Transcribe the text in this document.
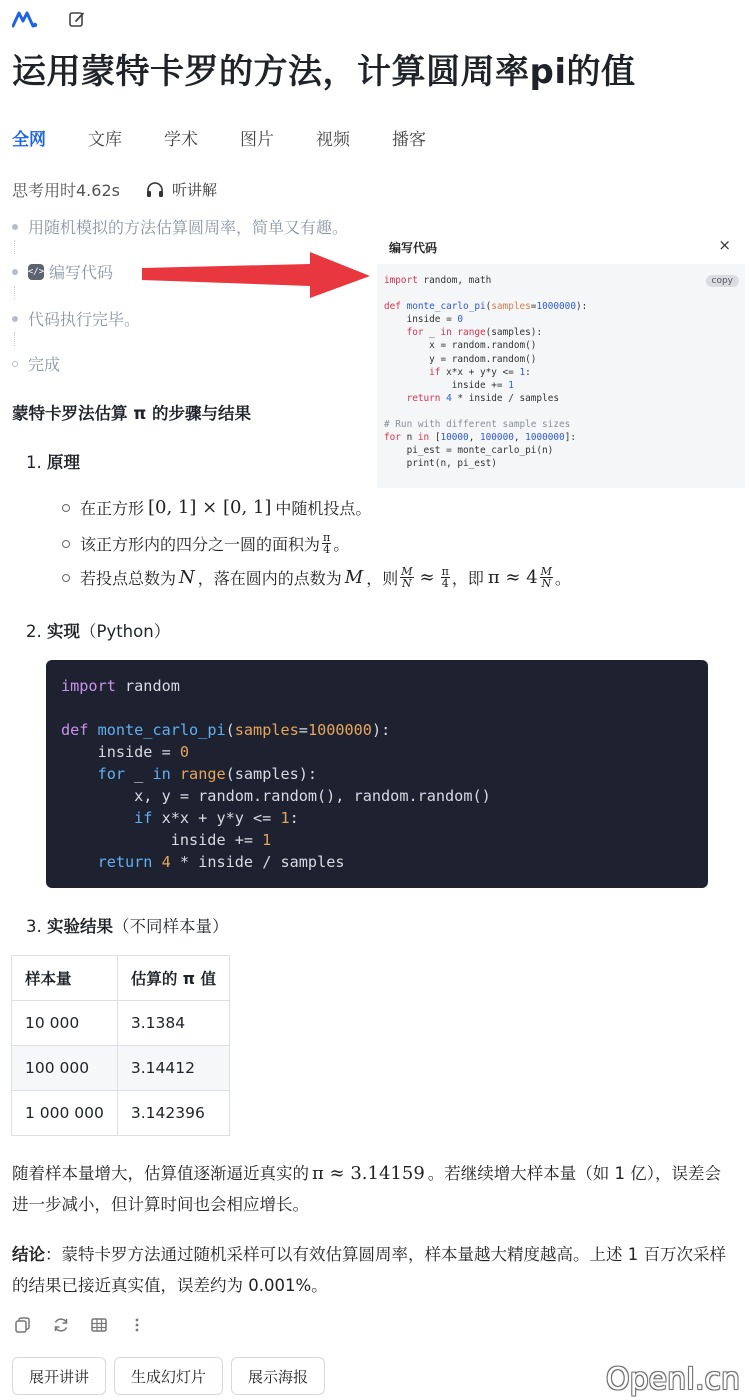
运用蒙特卡罗的方法，计算圆周率pi的值
全网 文库 学术 图片 视频 播客
思考用时4.62s	听讲解
用随机模拟的方法估算圆周率，简单又有趣。
</> 编写代码
代码执行完毕。
完成
编写代码	×
copy
import random, math

def monte_carlo_pi(samples=1000000):
inside = 0
for _ in range(samples):
x = random.random()
y = random.random()
if x*x + y*y <= 1:
inside += 1
return 4 * inside / samples

# Run with different sample sizes
for n in [10000, 100000, 1000000]:
pi_est = monte_carlo_pi(n)
print(n, pi_est)
蒙特卡罗法估算 π 的步骤与结果
1. 原理
在正方形 [0, 1] × [0, 1] 中随机投点。
该正方形内的四分之一圆的面积为 $\frac{\pi}{4}$ 。
若投点总数为 N ，落在圆内的点数为 M ，则 $\frac{M}{N} \approx \frac{\pi}{4}$ ，即 $\pi \approx 4 \frac{M}{N}$ 。
2. 实现（Python）
import random

def monte_carlo_pi(samples=1000000):
inside = 0
for _ in range(samples):
x, y = random.random(), random.random()
if x*x + y*y <= 1:
inside += 1
return 4 * inside / samples
3. 实验结果（不同样本量）
样本量	估算的 π 值
10 000	3.1384
100 000	3.14412
1 000 000	3.142396
随着样本量增大，估算值逐渐逼近真实的 π ≈ 3.14159 。若继续增大样本量（如 1 亿），误差会进一步减小，但计算时间也会相应增长。
结论：蒙特卡罗方法通过随机采样可以有效估算圆周率，样本量越大精度越高。上述 1 百万次采样的结果已接近真实值，误差约为 0.001%。
展开讲讲	生成幻灯片	展示海报	OpenI.cn
